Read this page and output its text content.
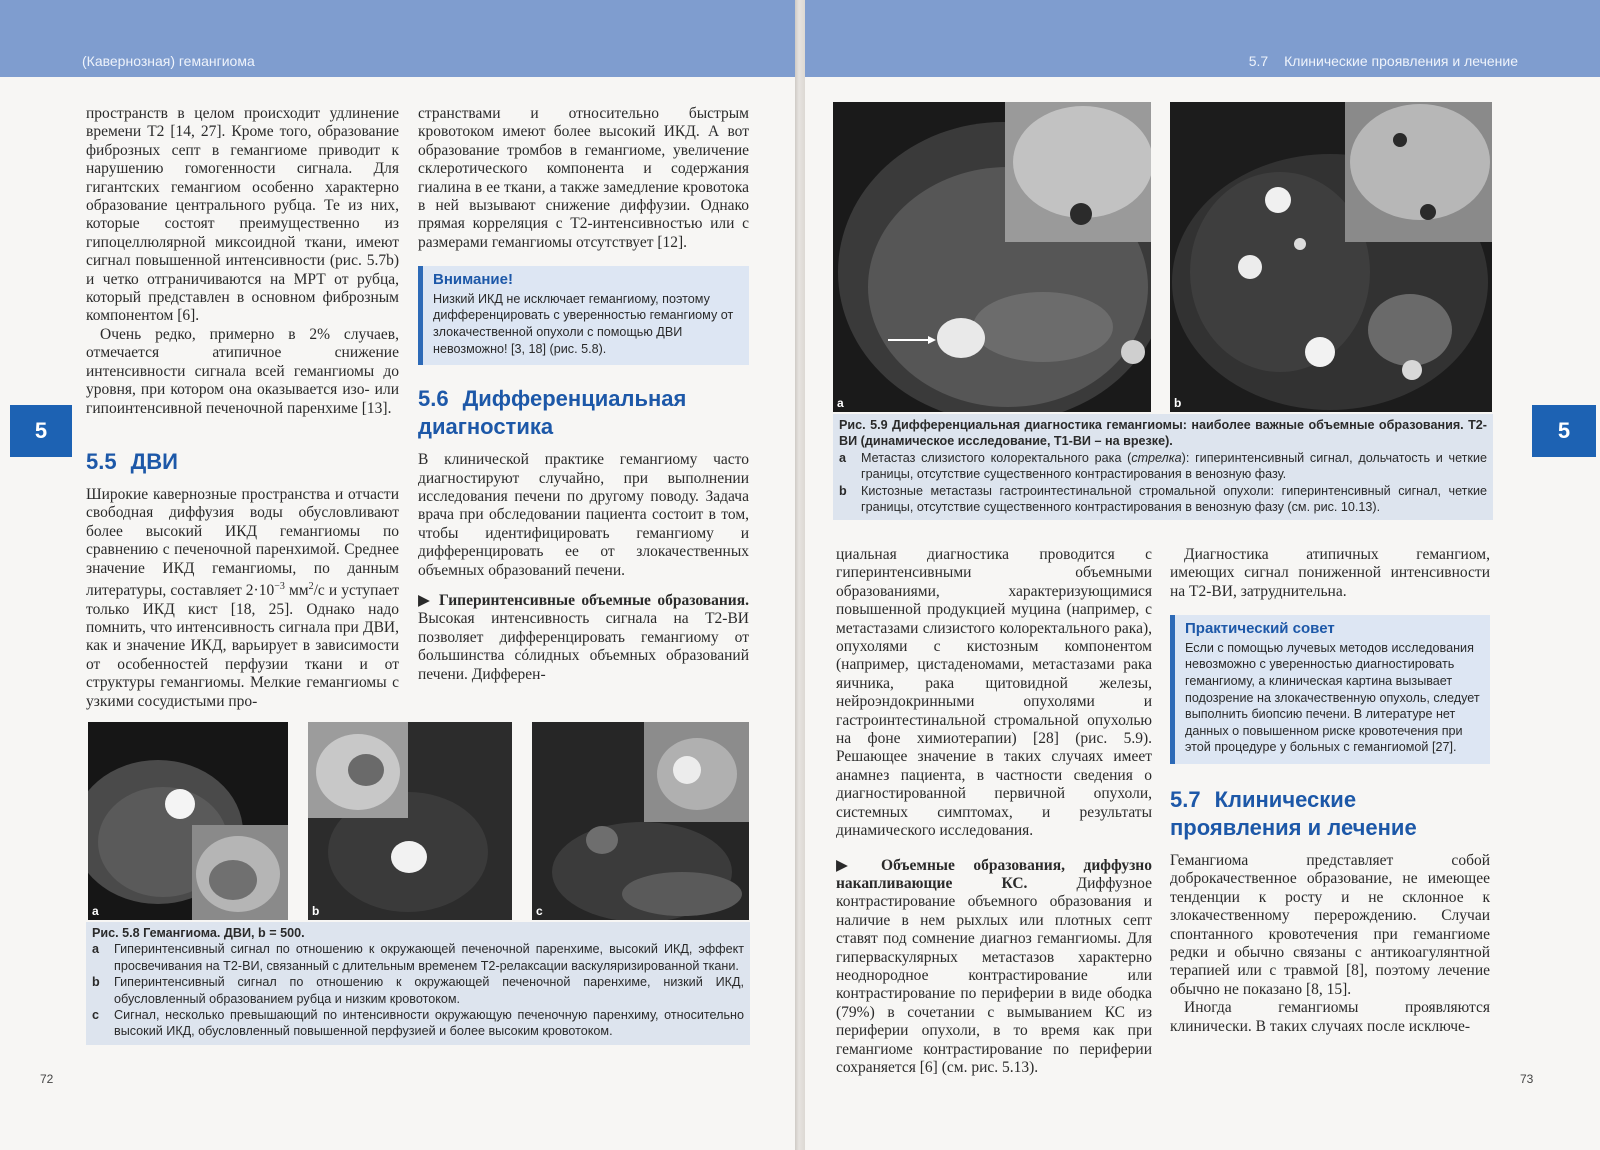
(Кавернозная) гемангиома	5.7 Клинические проявления и лечение
5	5

пространств в целом происходит удлинение времени Т2 [14, 27]. Кроме того, образование фиброзных септ в гемангиоме приводит к нарушению гомогенности сигнала. Для гигантских гемангиом особенно характерно образование центрального рубца. Те из них, которые состоят преимущественно из гипоцеллюлярной миксоидной ткани, имеют сигнал повышенной интенсивности (рис. 5.7b) и четко отграничиваются на МРТ от рубца, который представлен в основном фиброзным компонентом [6].

Очень редко, примерно в 2% случаев, отмечается атипичное снижение интенсивности сигнала всей гемангиомы до уровня, при котором она оказывается изо- или гипоинтенсивной печеночной паренхиме [13].

5.5 ДВИ

Широкие кавернозные пространства и отчасти свободная диффузия воды обусловливают более высокий ИКД гемангиомы по сравнению с печеночной паренхимой. Среднее значение ИКД гемангиомы, по данным литературы, составляет $2\cdot 10^{-3}$ $мм^2/с$ и уступает только ИКД кист [18, 25]. Однако надо помнить, что интенсивность сигнала при ДВИ, как и значение ИКД, варьирует в зависимости от особенностей перфузии ткани и от структуры гемангиомы. Мелкие гемангиомы с узкими сосудистыми про-

странствами и относительно быстрым кровотоком имеют более высокий ИКД. А вот образование тромбов в гемангиоме, увеличение склеротического компонента и содержания гиалина в ее ткани, а также замедление кровотока в ней вызывают снижение диффузии. Однако прямая корреляция с Т2-интенсивностью или с размерами гемангиомы отсутствует [12].

Внимание!
Низкий ИКД не исключает гемангиому, поэтому дифференцировать с уверенностью гемангиому от злокачественной опухоли с помощью ДВИ невозможно! [3, 18] (рис. 5.8).
5.6 Дифференциальная диагностика

В клинической практике гемангиому часто диагностируют случайно, при выполнении исследования печени по другому поводу. Задача врача при обследовании пациента состоит в том, чтобы идентифицировать гемангиому и дифференцировать ее от злокачественных объемных образований печени.

▶ Гиперинтенсивные объемные образования. Высокая интенсивность сигнала на Т2-ВИ позволяет дифференцировать гемангиому от большинства сóлидных объемных образований печени. Дифферен-

a	b	c
Рис. 5.8 Гемангиома. ДВИ, b = 500.
a	Гиперинтенсивный сигнал по отношению к окружающей печеночной паренхиме, высокий ИКД, эффект просвечивания на Т2-ВИ, связанный с длительным временем Т2-релаксации васкуляризированной ткани.
b	Гиперинтенсивный сигнал по отношению к окружающей печеночной паренхиме, низкий ИКД, обусловленный образованием рубца и низким кровотоком.
c	Сигнал, несколько превышающий по интенсивности окружающую печеночную паренхиму, относительно высокий ИКД, обусловленный повышенной перфузией и более высоким кровотоком.
72
a	b
Рис. 5.9 Дифференциальная диагностика гемангиомы: наиболее важные объемные образования. Т2-ВИ (динамическое исследование, Т1-ВИ – на врезке).
a	Метастаз слизистого колоректального рака (стрелка): гиперинтенсивный сигнал, дольчатость и четкие границы, отсутствие существенного контрастирования в венозную фазу.
b	Кистозные метастазы гастроинтестинальной стромальной опухоли: гиперинтенсивный сигнал, четкие границы, отсутствие существенного контрастирования в венозную фазу (см. рис. 10.13).

циальная диагностика проводится с гиперинтенсивными объемными образованиями, характеризующимися повышенной продукцией муцина (например, с метастазами слизистого колоректального рака), опухолями с кистозным компонентом (например, цистаденомами, метастазами рака яичника, рака щитовидной железы, нейроэндокринными опухолями и гастроинтестинальной стромальной опухолью на фоне химиотерапии) [28] (рис. 5.9). Решающее значение в таких случаях имеет анамнез пациента, в частности сведения о диагностированной первичной опухоли, системных симптомах, и результаты динамического исследования.

▶ Объемные образования, диффузно накапливающие КС. Диффузное контрастирование объемного образования и наличие в нем рыхлых или плотных септ ставят под сомнение диагноз гемангиомы. Для гиперваскулярных метастазов характерно неоднородное контрастирование или контрастирование по периферии в виде ободка (79%) в сочетании с вымыванием КС из периферии опухоли, в то время как при гемангиоме контрастирование по периферии сохраняется [6] (см. рис. 5.13).

Диагностика атипичных гемангиом, имеющих сигнал пониженной интенсивности на Т2-ВИ, затруднительна.

Практический совет
Если с помощью лучевых методов исследования невозможно с уверенностью диагностировать гемангиому, а клиническая картина вызывает подозрение на злокачественную опухоль, следует выполнить биопсию печени. В литературе нет данных о повышенном риске кровотечения при этой процедуре у больных с гемангиомой [27].
5.7 Клинические проявления и лечение

Гемангиома представляет собой доброкачественное образование, не имеющее тенденции к росту и не склонное к злокачественному перерождению. Случаи спонтанного кровотечения при гемангиоме редки и обычно связаны с антикоагулянтной терапией или с травмой [8], поэтому лечение обычно не показано [8, 15].

Иногда гемангиомы проявляются клинически. В таких случаях после исключе-

73
